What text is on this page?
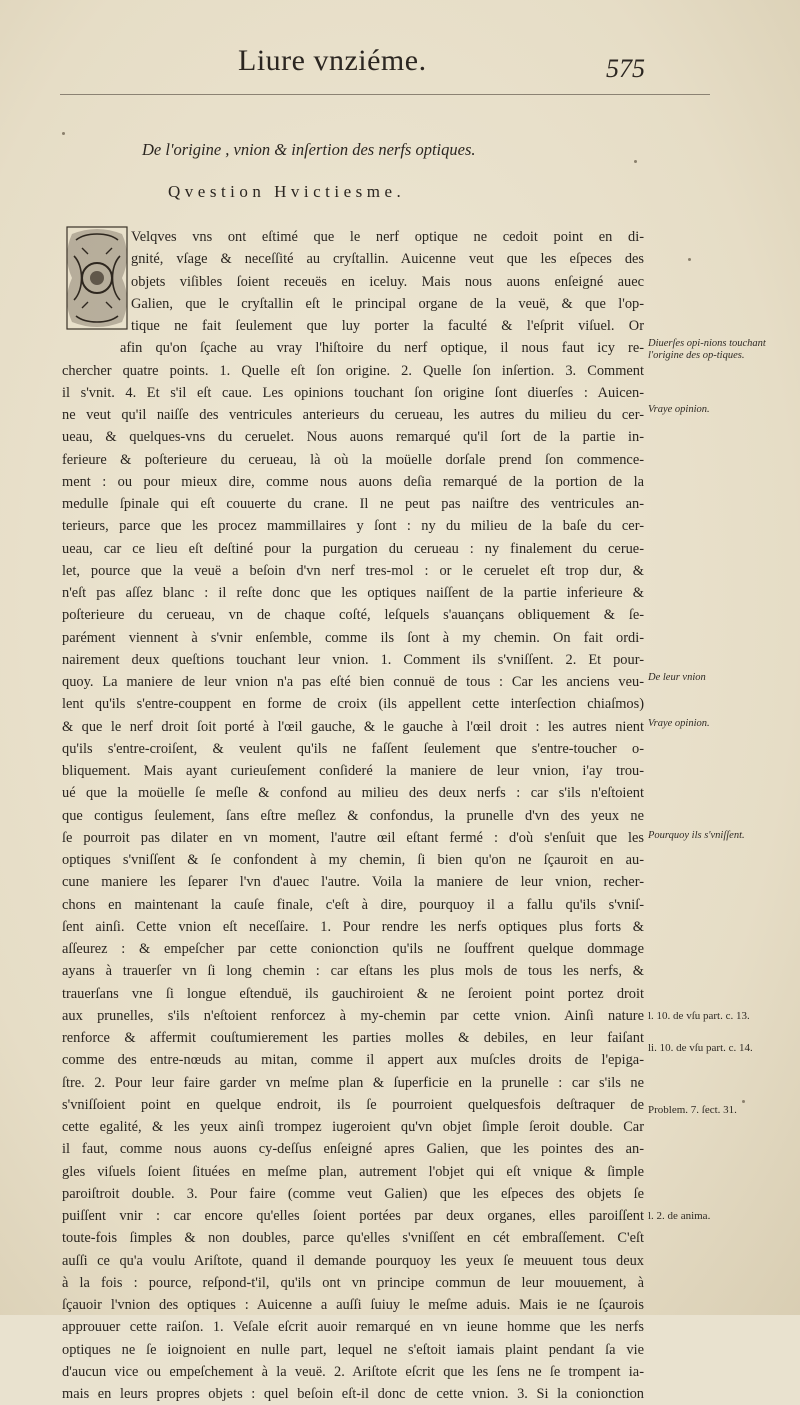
Liure vnziéme.	575
De l'origine , vnion & inſertion des nerfs optiques.
Qvestion Hvictiesme.
Velqves vns ont eſtimé que le nerf optique ne cedoit point en di-
gnité, vſage & neceſſité au cryſtallin. Auicenne veut que les eſpeces des
objets viſibles ſoient receuës en iceluy. Mais nous auons enſeigné auec
Galien, que le cryſtallin eſt le principal organe de la veuë, & que l'op-
tique ne fait ſeulement que luy porter la faculté & l'eſprit viſuel. Or
afin qu'on ſçache au vray l'hiſtoire du nerf optique, il nous faut icy re-
chercher quatre points. 1. Quelle eſt ſon origine. 2. Quelle ſon inſertion. 3. Comment
il s'vnit. 4. Et s'il eſt caue. Les opinions touchant ſon origine ſont diuerſes : Auicen-
ne veut qu'il naiſſe des ventricules anterieurs du cerueau, les autres du milieu du cer-
ueau, & quelques-vns du ceruelet. Nous auons remarqué qu'il ſort de la partie in-
ferieure & poſterieure du cerueau, là où la moüelle dorſale prend ſon commence-
ment : ou pour mieux dire, comme nous auons deſia remarqué de la portion de la
medulle ſpinale qui eſt couuerte du crane. Il ne peut pas naiſtre des ventricules an-
terieurs, parce que les procez mammillaires y ſont : ny du milieu de la baſe du cer-
ueau, car ce lieu eſt deſtiné pour la purgation du cerueau : ny finalement du cerue-
let, pource que la veuë a beſoin d'vn nerf tres-mol : or le ceruelet eſt trop dur, &
n'eſt pas aſſez blanc : il reſte donc que les optiques naiſſent de la partie inferieure &
poſterieure du cerueau, vn de chaque coſté, leſquels s'auançans obliquement & ſe-
parément viennent à s'vnir enſemble, comme ils ſont à my chemin. On fait ordi-
nairement deux queſtions touchant leur vnion. 1. Comment ils s'vniſſent. 2. Et pour-
quoy. La maniere de leur vnion n'a pas eſté bien connuë de tous : Car les anciens veu-
lent qu'ils s'entre-couppent en forme de croix (ils appellent cette interſection chiaſmos)
& que le nerf droit ſoit porté à l'œil gauche, & le gauche à l'œil droit : les autres nient
qu'ils s'entre-croiſent, & veulent qu'ils ne faſſent ſeulement que s'entre-toucher o-
bliquement. Mais ayant curieuſement conſideré la maniere de leur vnion, i'ay trou-
ué que la moüelle ſe meſle & confond au milieu des deux nerfs : car s'ils n'eſtoient
que contigus ſeulement, ſans eſtre meſlez & confondus, la prunelle d'vn des yeux ne
ſe pourroit pas dilater en vn moment, l'autre œil eſtant fermé : d'où s'enſuit que les
optiques s'vniſſent & ſe confondent à my chemin, ſi bien qu'on ne ſçauroit en au-
cune maniere les ſeparer l'vn d'auec l'autre. Voila la maniere de leur vnion, recher-
chons en maintenant la cauſe finale, c'eſt à dire, pourquoy il a fallu qu'ils s'vniſ-
ſent ainſi. Cette vnion eſt neceſſaire. 1. Pour rendre les nerfs optiques plus forts &
aſſeurez : & empeſcher par cette conionction qu'ils ne ſouffrent quelque dommage
ayans à trauerſer vn ſi long chemin : car eſtans les plus mols de tous les nerfs, &
trauerſans vne ſi longue eſtenduë, ils gauchiroient & ne ſeroient point portez droit
aux prunelles, s'ils n'eſtoient renforcez à my-chemin par cette vnion. Ainſi nature
renforce & affermit couſtumierement les parties molles & debiles, en leur faiſant
comme des entre-nœuds au mitan, comme il appert aux muſcles droits de l'epiga-
ſtre. 2. Pour leur faire garder vn meſme plan & ſuperficie en la prunelle : car s'ils ne
s'vniſſoient point en quelque endroit, ils ſe pourroient quelquesfois deſtraquer de
cette egalité, & les yeux ainſi trompez iugeroient qu'vn objet ſimple ſeroit double. Car
il faut, comme nous auons cy-deſſus enſeigné apres Galien, que les pointes des an-
gles viſuels ſoient ſituées en meſme plan, autrement l'objet qui eſt vnique & ſimple
paroiſtroit double. 3. Pour faire (comme veut Galien) que les eſpeces des objets ſe
puiſſent vnir : car encore qu'elles ſoient portées par deux organes, elles paroiſſent
toute-fois ſimples & non doubles, parce qu'elles s'vniſſent en cét embraſſement. C'eſt
auſſi ce qu'a voulu Ariſtote, quand il demande pourquoy les yeux ſe meuuent tous deux
à la fois : pource, reſpond-t'il, qu'ils ont vn principe commun de leur mouuement, à
ſçauoir l'vnion des optiques : Auicenne a auſſi ſuiuy le meſme aduis. Mais ie ne ſçaurois
approuuer cette raiſon. 1. Veſale eſcrit auoir remarqué en vn ieune homme que les nerfs
optiques ne ſe ioignoient en nulle part, lequel ne s'eſtoit iamais plaint pendant ſa vie
d'aucun vice ou empeſchement à la veuë. 2. Ariſtote eſcrit que les ſens ne ſe trompent ia-
mais en leurs propres objets : quel beſoin eſt-il donc de cette vnion. 3. Si la conionction
Diuerſes opi-nions touchant l'origine des op-tiques.
Vraye opinion.
De leur vnion
Vraye opinion.
Pourquoy ils s'vniſſent.
l. 10. de vſu part. c. 13.
li. 10. de vſu part. c. 14.
Problem. 7. ſect. 31.
l. 2. de anima.
